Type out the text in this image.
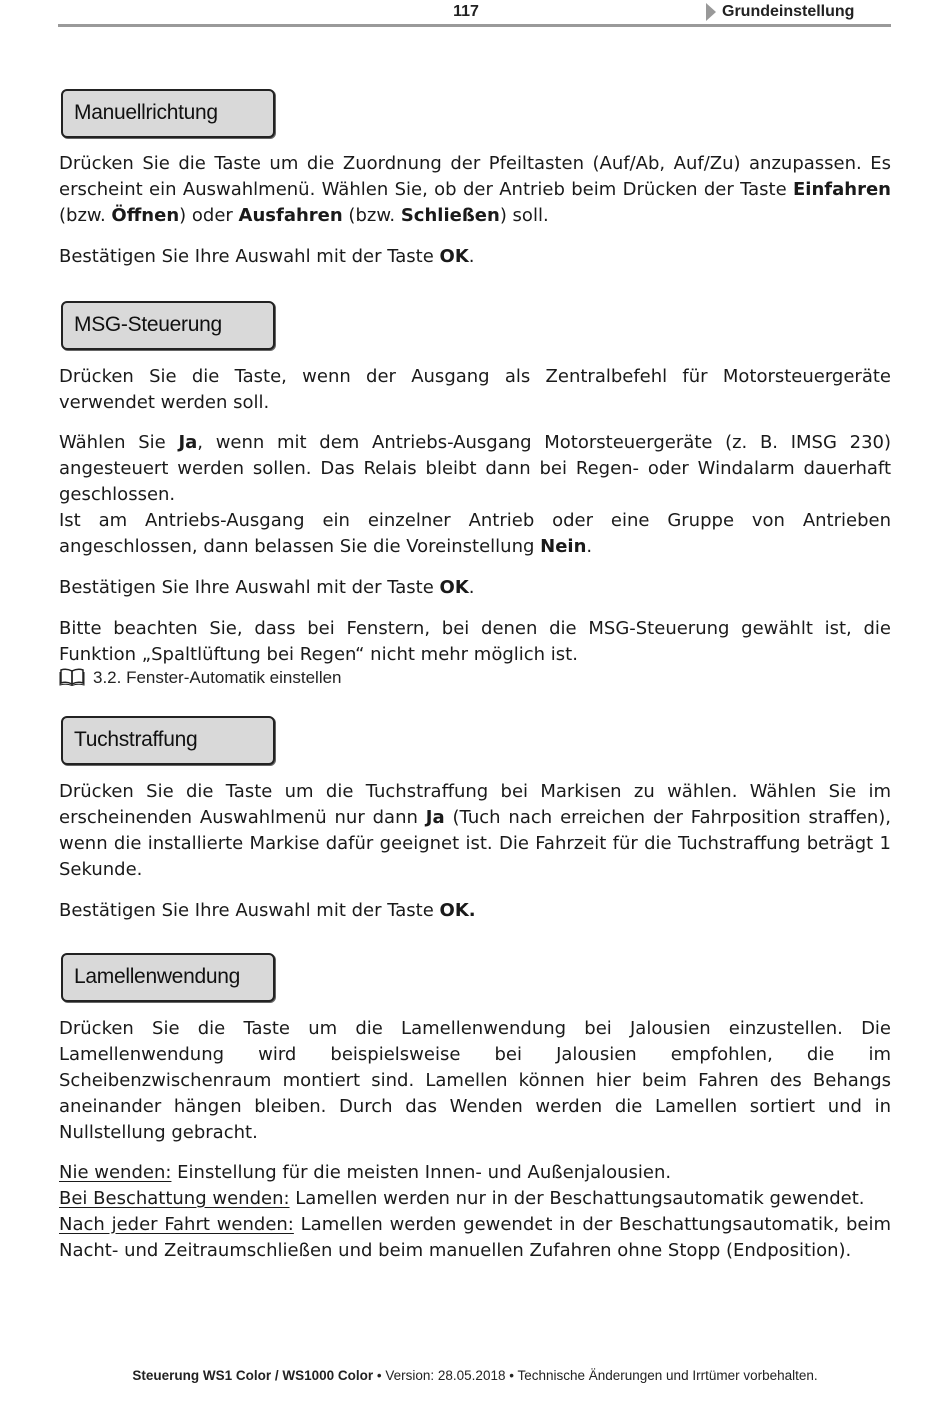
117	Grundeinstellung
Manuellrichtung

Drücken Sie die Taste um die Zuordnung der Pfeiltasten (Auf/Ab, Auf/Zu) anzupassen. Es erscheint ein Auswahlmenü. Wählen Sie, ob der Antrieb beim Drücken der Taste Einfahren (bzw. Öffnen) oder Ausfahren (bzw. Schließen) soll.

Bestätigen Sie Ihre Auswahl mit der Taste OK.

MSG-Steuerung

Drücken Sie die Taste, wenn der Ausgang als Zentralbefehl für Motorsteuergeräte verwendet werden soll.

Wählen Sie Ja, wenn mit dem Antriebs-Ausgang Motorsteuergeräte (z. B. IMSG 230) angesteuert werden sollen. Das Relais bleibt dann bei Regen- oder Windalarm dauerhaft geschlossen.

Ist am Antriebs-Ausgang ein einzelner Antrieb oder eine Gruppe von Antrieben angeschlossen, dann belassen Sie die Voreinstellung Nein.

Bestätigen Sie Ihre Auswahl mit der Taste OK.

Bitte beachten Sie, dass bei Fenstern, bei denen die MSG-Steuerung gewählt ist, die Funktion „Spaltlüftung bei Regen“ nicht mehr möglich ist.

3.2. Fenster-Automatik einstellen
Tuchstraffung

Drücken Sie die Taste um die Tuchstraffung bei Markisen zu wählen. Wählen Sie im erscheinenden Auswahlmenü nur dann Ja (Tuch nach erreichen der Fahrposition straffen), wenn die installierte Markise dafür geeignet ist. Die Fahrzeit für die Tuchstraffung beträgt 1 Sekunde.

Bestätigen Sie Ihre Auswahl mit der Taste OK.

Lamellenwendung

Drücken Sie die Taste um die Lamellenwendung bei Jalousien einzustellen. Die Lamellenwendung wird beispielsweise bei Jalousien empfohlen, die im Scheibenzwischenraum montiert sind. Lamellen können hier beim Fahren des Behangs aneinander hängen bleiben. Durch das Wenden werden die Lamellen sortiert und in Nullstellung gebracht.

Nie wenden: Einstellung für die meisten Innen- und Außenjalousien.
Bei Beschattung wenden: Lamellen werden nur in der Beschattungsautomatik gewendet.
Nach jeder Fahrt wenden: Lamellen werden gewendet in der Beschattungsautomatik, beim Nacht- und Zeitraumschließen und beim manuellen Zufahren ohne Stopp (Endposition).

Steuerung WS1 Color / WS1000 Color • Version: 28.05.2018 • Technische Änderungen und Irrtümer vorbehalten.
